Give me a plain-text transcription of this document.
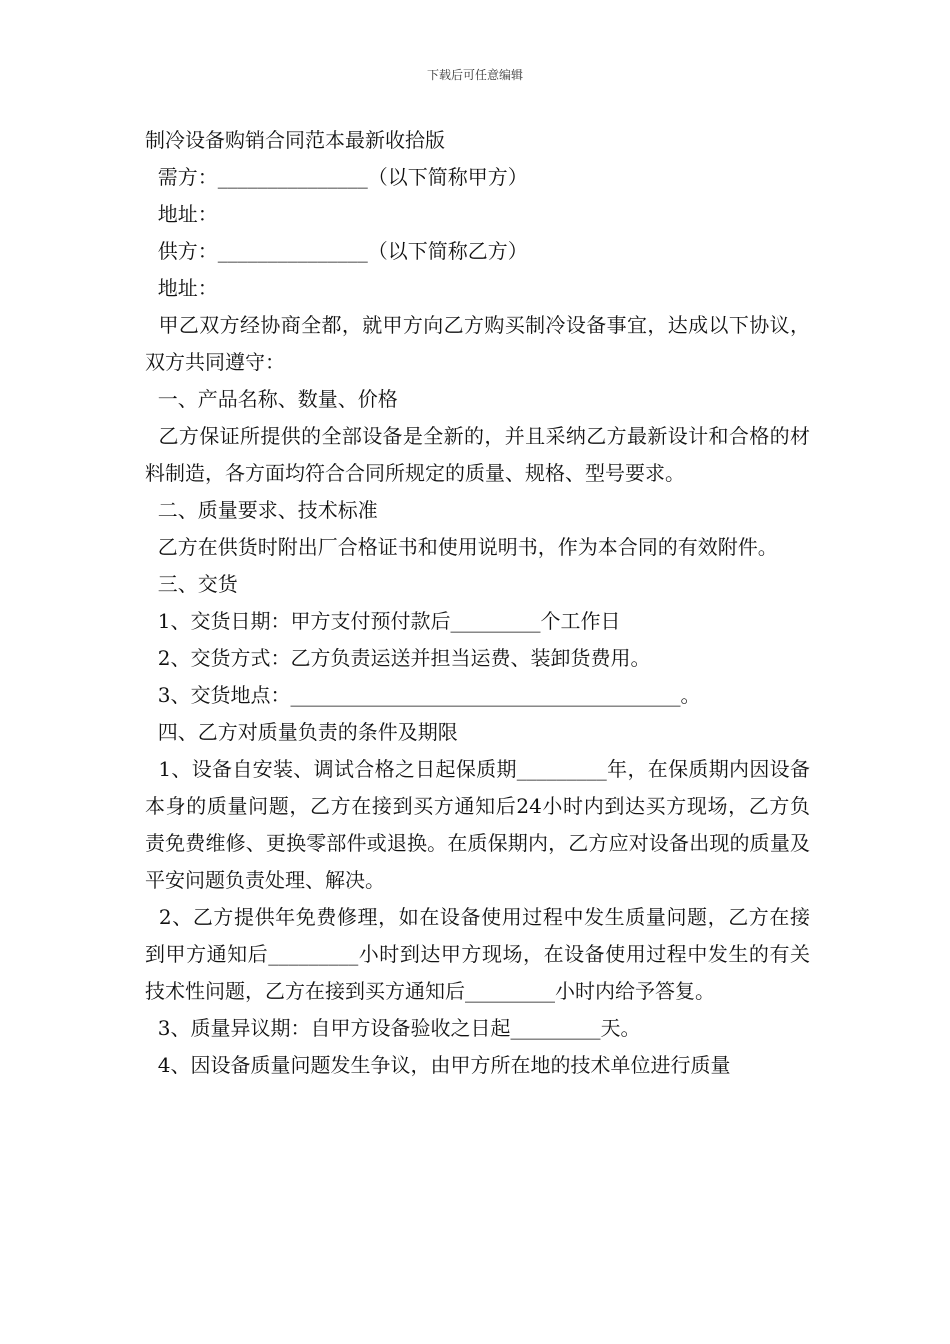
下载后可任意编辑

制冷设备购销合同范本最新收拾版

需方：_______________（以下简称甲方）

地址：

供方：_______________（以下简称乙方）

地址：

甲乙双方经协商全都，就甲方向乙方购买制冷设备事宜，达成以下协议，双方共同遵守：

一、产品名称、数量、价格

乙方保证所提供的全部设备是全新的，并且采纳乙方最新设计和合格的材料制造，各方面均符合合同所规定的质量、规格、型号要求。

二、质量要求、技术标准

乙方在供货时附出厂合格证书和使用说明书，作为本合同的有效附件。

三、交货

1、交货日期：甲方支付预付款后_________个工作日

2、交货方式：乙方负责运送并担当运费、装卸货费用。

3、交货地点：_______________________________________。

四、乙方对质量负责的条件及期限

1、设备自安装、调试合格之日起保质期_________年，在保质期内因设备本身的质量问题，乙方在接到买方通知后24小时内到达买方现场，乙方负责免费维修、更换零部件或退换。在质保期内，乙方应对设备出现的质量及平安问题负责处理、解决。

2、乙方提供年免费修理，如在设备使用过程中发生质量问题，乙方在接到甲方通知后_________小时到达甲方现场，在设备使用过程中发生的有关技术性问题，乙方在接到买方通知后_________小时内给予答复。

3、质量异议期：自甲方设备验收之日起_________天。

4、因设备质量问题发生争议，由甲方所在地的技术单位进行质量
